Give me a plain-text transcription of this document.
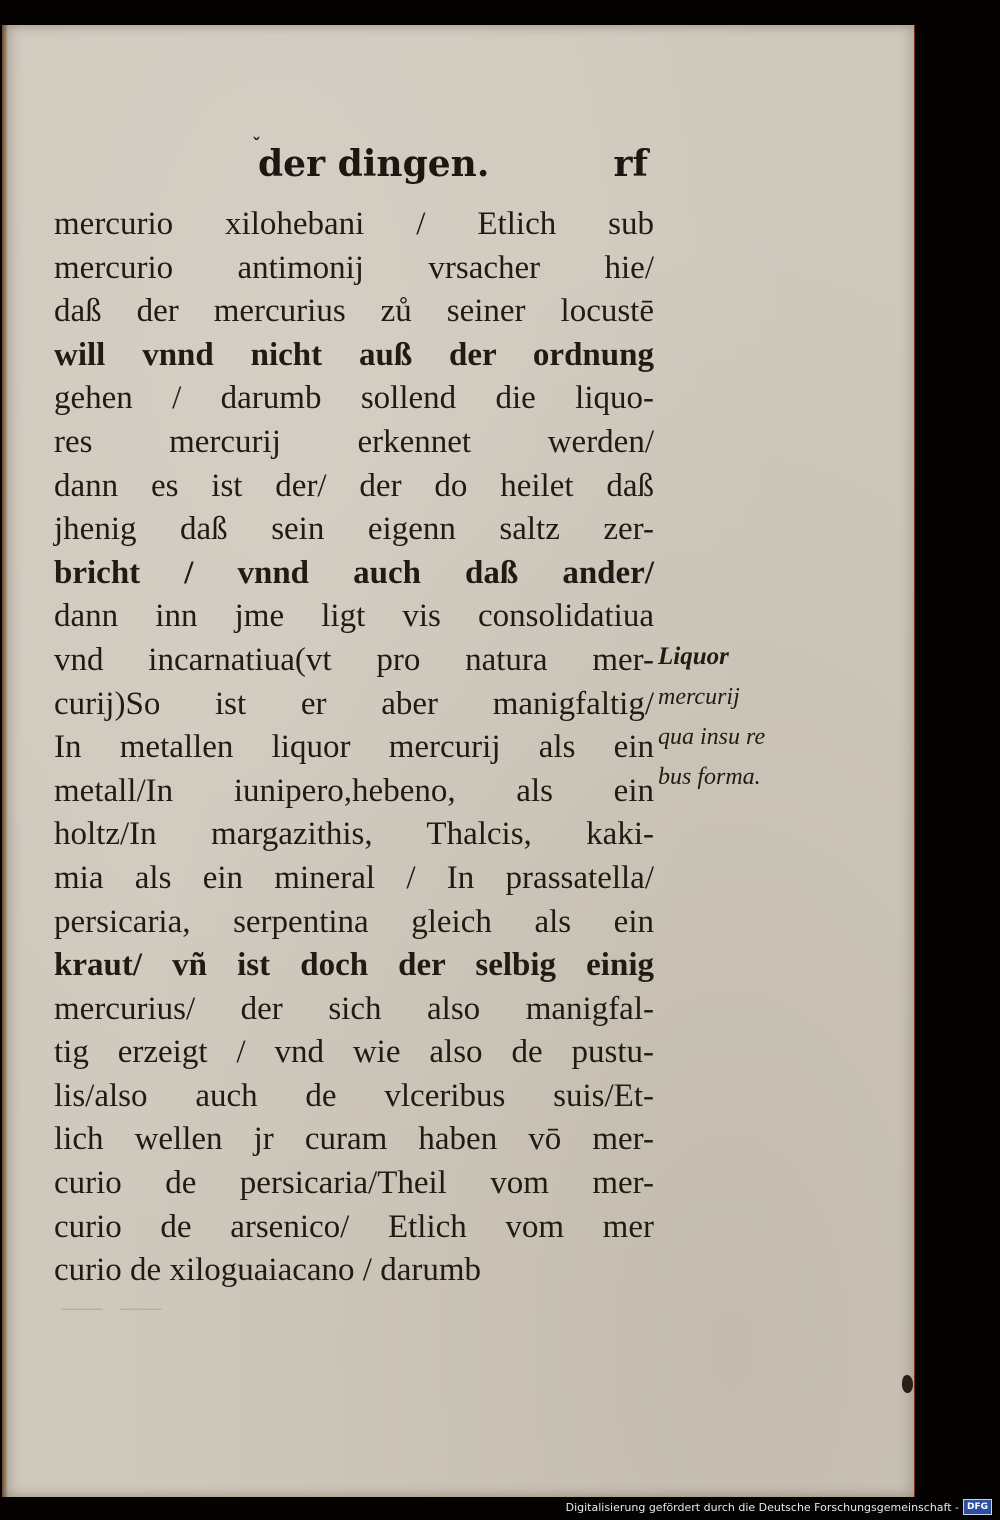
ˇ
der dingen.	rf
mercurio xilohebani / Etlich sub
mercurio antimonij vrsacher hie/
daß der mercurius zů seiner locustē
will vnnd nicht auß der ordnung
gehen / darumb sollend die liquo-
res mercurij erkennet werden/
dann es ist der/ der do heilet daß
jhenig daß sein eigenn saltz zer-
bricht / vnnd auch daß ander/
dann inn jme ligt vis consolidatiua
vnd incarnatiua(vt pro natura mer-
curij)So ist er aber manigfaltig/
In metallen liquor mercurij als ein
metall/In iunipero,hebeno, als ein
holtz/In margazithis, Thalcis, kaki-
mia als ein mineral / In prassatella/
persicaria, serpentina gleich als ein
kraut/ vñ ist doch der selbig einig
mercurius/ der sich also manigfal-
tig erzeigt / vnd wie also de pustu-
lis/also auch de vlceribus suis/Et-
lich wellen jr curam haben vō mer-
curio de persicaria/Theil vom mer-
curio de arsenico/ Etlich vom mer
curio de xiloguaiacano / darumb
Liquor
mercurij
qua insu re
bus forma.
⸺ ⸺
Digitalisierung gefördert durch die Deutsche Forschungsgemeinschaft - DFG
